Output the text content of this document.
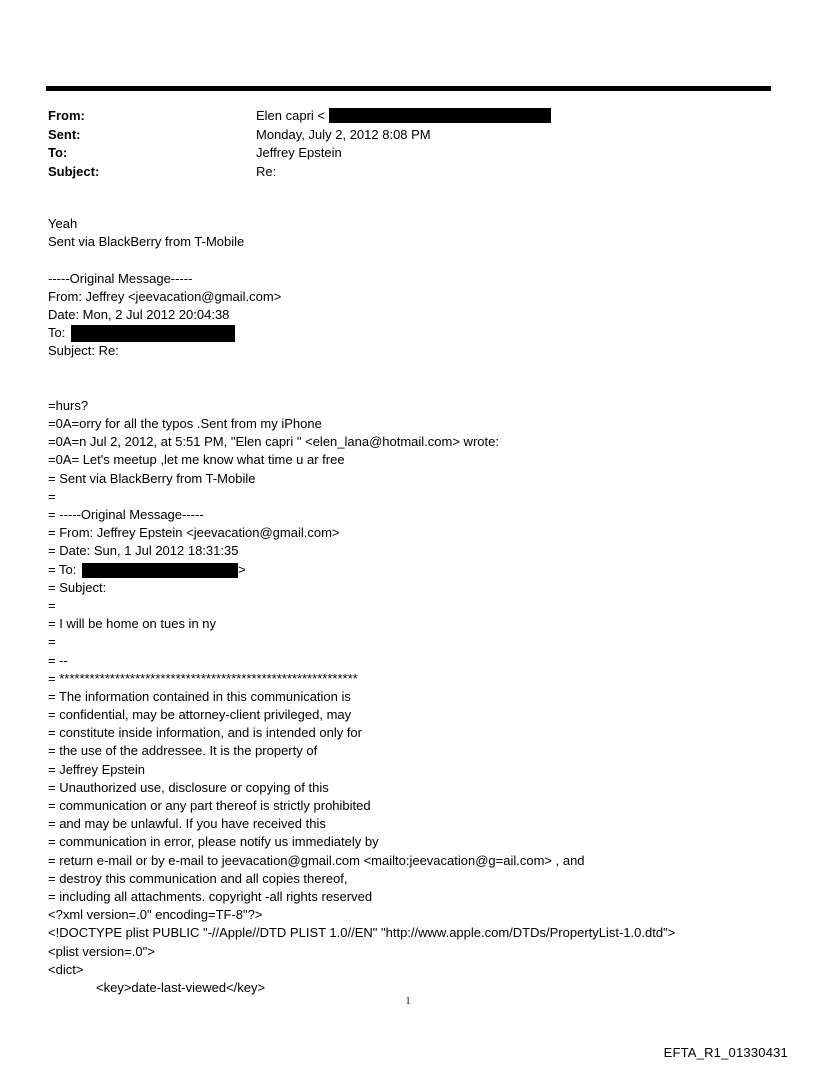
From:	Elen capri <
Sent:	Monday, July 2, 2012 8:08 PM
To:	Jeffrey Epstein
Subject:	Re:
Yeah
Sent via BlackBerry from T-Mobile
-----Original Message-----
From: Jeffrey <jeevacation@gmail.com>
Date: Mon, 2 Jul 2012 20:04:38
To:
Subject: Re:
=hurs?
=0A=orry for all the typos .Sent from my iPhone
=0A=n Jul 2, 2012, at 5:51 PM, "Elen capri " <elen_lana@hotmail.com> wrote:
=0A= Let's meetup ,let me know what time u ar free
= Sent via BlackBerry from T-Mobile
=
= -----Original Message-----
= From: Jeffrey Epstein <jeevacation@gmail.com>
= Date: Sun, 1 Jul 2012 18:31:35
= To:	>
= Subject:
=
= I will be home on tues in ny
=
= --
= ***********************************************************
= The information contained in this communication is
= confidential, may be attorney-client privileged, may
= constitute inside information, and is intended only for
= the use of the addressee. It is the property of
= Jeffrey Epstein
= Unauthorized use, disclosure or copying of this
= communication or any part thereof is strictly prohibited
= and may be unlawful. If you have received this
= communication in error, please notify us immediately by
= return e-mail or by e-mail to jeevacation@gmail.com <mailto:jeevacation@g=ail.com> , and
= destroy this communication and all copies thereof,
= including all attachments. copyright -all rights reserved
<?xml version=.0" encoding=TF-8"?>
<!DOCTYPE plist PUBLIC "-//Apple//DTD PLIST 1.0//EN" "http://www.apple.com/DTDs/PropertyList-1.0.dtd">
<plist version=.0">
<dict>
<key>date-last-viewed</key>
1
EFTA_R1_01330431
